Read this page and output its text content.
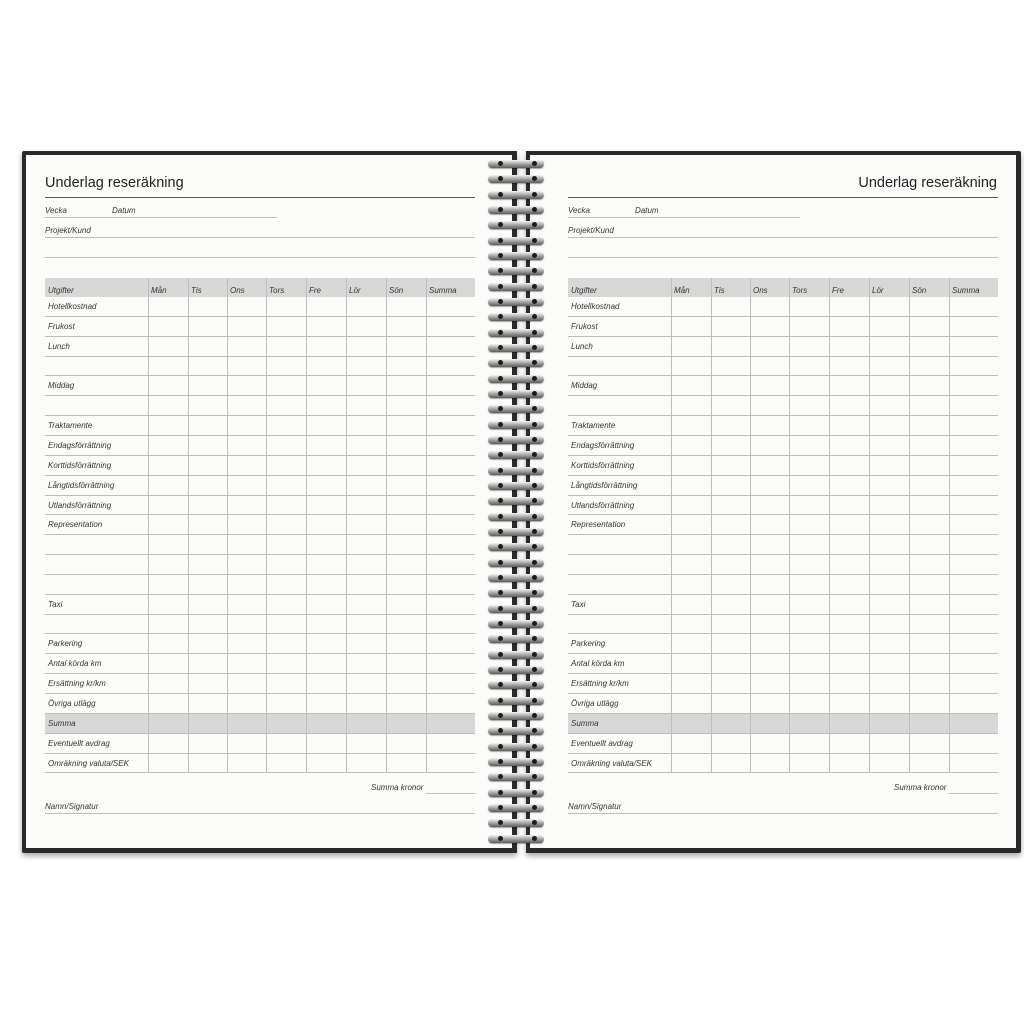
Underlag reseräkning	Underlag reseräkning
Vecka	Datum
Projekt/Kund
Utgifter	Mån	Tis	Ons	Tors	Fre	Lör	Sön	Summa
Hotellkostnad
Frukost
Lunch
Middag
Traktamente
Endagsförrättning
Korttidsförrättning
Långtidsförrättning
Utlandsförrättning
Representation
Taxi
Parkering
Antal körda km
Ersättning kr/km
Övriga utlägg
Summa
Eventuellt avdrag
Omräkning valuta/SEK
Summa kronor
Namn/Signatur
Vecka	Datum
Projekt/Kund
Utgifter	Mån	Tis	Ons	Tors	Fre	Lör	Sön	Summa
Hotellkostnad
Frukost
Lunch
Middag
Traktamente
Endagsförrättning
Korttidsförrättning
Långtidsförrättning
Utlandsförrättning
Representation
Taxi
Parkering
Antal körda km
Ersättning kr/km
Övriga utlägg
Summa
Eventuellt avdrag
Omräkning valuta/SEK
Summa kronor
Namn/Signatur
